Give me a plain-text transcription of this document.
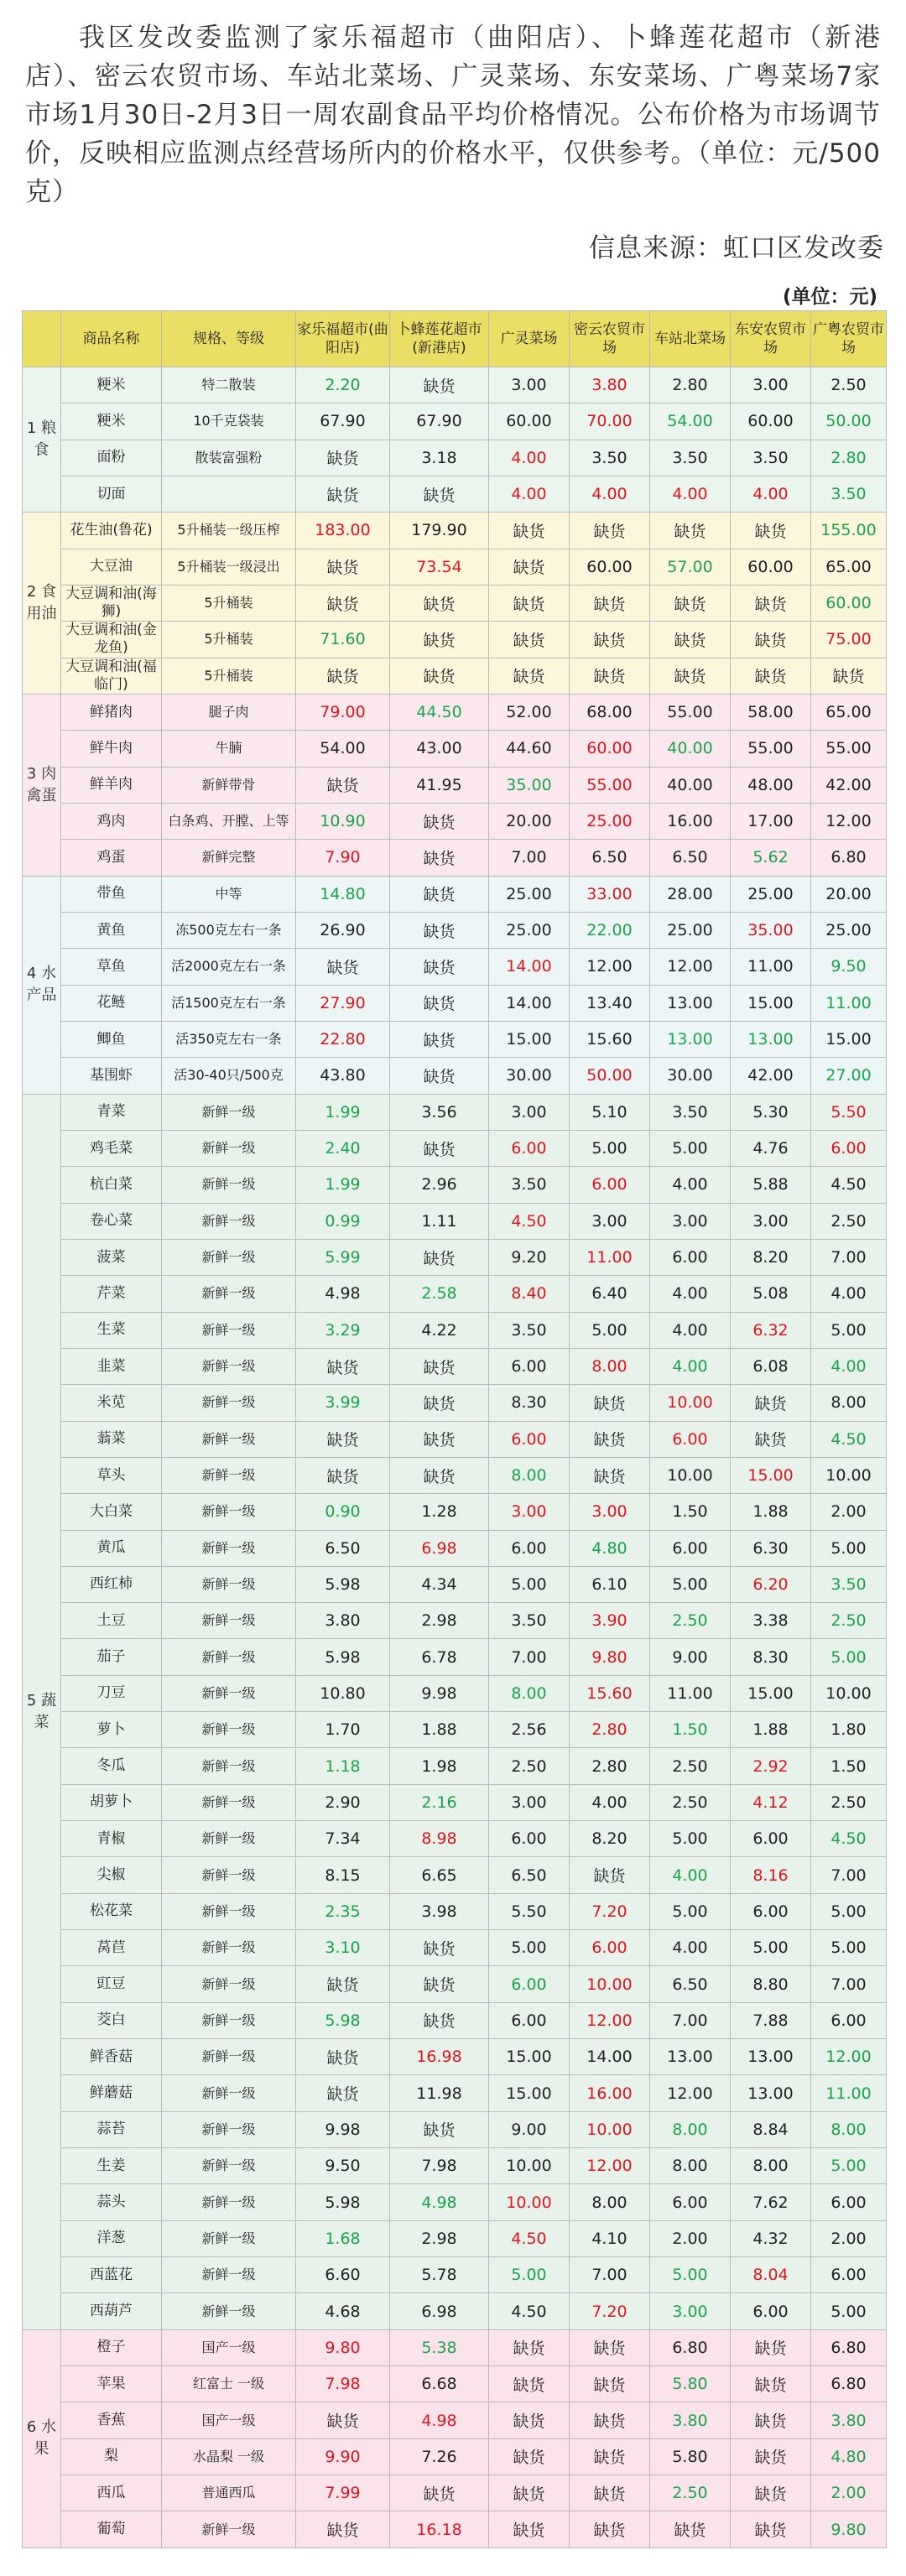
我区发改委监测了家乐福超市（曲阳店）、卜蜂莲花超市（新港店）、密云农贸市场、车站北菜场、广灵菜场、东安菜场、广粤菜场7家市场1月30日-2月3日一周农副食品平均价格情况。公布价格为市场调节价，反映相应监测点经营场所内的价格水平，仅供参考。（单位：元/500克）
信息来源：虹口区发改委
(单位：元)
	商品名称	规格、等级	家乐福超市(曲阳店)	卜蜂莲花超市(新港店)	广灵菜场	密云农贸市场	车站北菜场	东安农贸市场	广粤农贸市场
1 粮食	粳米	特二散装	2.20	缺货	3.00	3.80	2.80	3.00	2.50
	粳米	10千克袋装	67.90	67.90	60.00	70.00	54.00	60.00	50.00
	面粉	散装富强粉	缺货	3.18	4.00	3.50	3.50	3.50	2.80
	切面		缺货	缺货	4.00	4.00	4.00	4.00	3.50
2 食用油	花生油(鲁花)	5升桶装一级压榨	183.00	179.90	缺货	缺货	缺货	缺货	155.00
	大豆油	5升桶装一级浸出	缺货	73.54	缺货	60.00	57.00	60.00	65.00
	大豆调和油(海狮)	5升桶装	缺货	缺货	缺货	缺货	缺货	缺货	60.00
	大豆调和油(金龙鱼)	5升桶装	71.60	缺货	缺货	缺货	缺货	缺货	75.00
	大豆调和油(福临门)	5升桶装	缺货	缺货	缺货	缺货	缺货	缺货	缺货
3 肉禽蛋	鲜猪肉	腿子肉	79.00	44.50	52.00	68.00	55.00	58.00	65.00
	鲜牛肉	牛腩	54.00	43.00	44.60	60.00	40.00	55.00	55.00
	鲜羊肉	新鲜带骨	缺货	41.95	35.00	55.00	40.00	48.00	42.00
	鸡肉	白条鸡、开膛、上等	10.90	缺货	20.00	25.00	16.00	17.00	12.00
	鸡蛋	新鲜完整	7.90	缺货	7.00	6.50	6.50	5.62	6.80
4 水产品	带鱼	中等	14.80	缺货	25.00	33.00	28.00	25.00	20.00
	黄鱼	冻500克左右一条	26.90	缺货	25.00	22.00	25.00	35.00	25.00
	草鱼	活2000克左右一条	缺货	缺货	14.00	12.00	12.00	11.00	9.50
	花鲢	活1500克左右一条	27.90	缺货	14.00	13.40	13.00	15.00	11.00
	鲫鱼	活350克左右一条	22.80	缺货	15.00	15.60	13.00	13.00	15.00
	基围虾	活30-40只/500克	43.80	缺货	30.00	50.00	30.00	42.00	27.00
5 蔬菜	青菜	新鲜一级	1.99	3.56	3.00	5.10	3.50	5.30	5.50
	鸡毛菜	新鲜一级	2.40	缺货	6.00	5.00	5.00	4.76	6.00
	杭白菜	新鲜一级	1.99	2.96	3.50	6.00	4.00	5.88	4.50
	卷心菜	新鲜一级	0.99	1.11	4.50	3.00	3.00	3.00	2.50
	菠菜	新鲜一级	5.99	缺货	9.20	11.00	6.00	8.20	7.00
	芹菜	新鲜一级	4.98	2.58	8.40	6.40	4.00	5.08	4.00
	生菜	新鲜一级	3.29	4.22	3.50	5.00	4.00	6.32	5.00
	韭菜	新鲜一级	缺货	缺货	6.00	8.00	4.00	6.08	4.00
	米苋	新鲜一级	3.99	缺货	8.30	缺货	10.00	缺货	8.00
	蓊菜	新鲜一级	缺货	缺货	6.00	缺货	6.00	缺货	4.50
	草头	新鲜一级	缺货	缺货	8.00	缺货	10.00	15.00	10.00
	大白菜	新鲜一级	0.90	1.28	3.00	3.00	1.50	1.88	2.00
	黄瓜	新鲜一级	6.50	6.98	6.00	4.80	6.00	6.30	5.00
	西红柿	新鲜一级	5.98	4.34	5.00	6.10	5.00	6.20	3.50
	土豆	新鲜一级	3.80	2.98	3.50	3.90	2.50	3.38	2.50
	茄子	新鲜一级	5.98	6.78	7.00	9.80	9.00	8.30	5.00
	刀豆	新鲜一级	10.80	9.98	8.00	15.60	11.00	15.00	10.00
	萝卜	新鲜一级	1.70	1.88	2.56	2.80	1.50	1.88	1.80
	冬瓜	新鲜一级	1.18	1.98	2.50	2.80	2.50	2.92	1.50
	胡萝卜	新鲜一级	2.90	2.16	3.00	4.00	2.50	4.12	2.50
	青椒	新鲜一级	7.34	8.98	6.00	8.20	5.00	6.00	4.50
	尖椒	新鲜一级	8.15	6.65	6.50	缺货	4.00	8.16	7.00
	松花菜	新鲜一级	2.35	3.98	5.50	7.20	5.00	6.00	5.00
	莴苣	新鲜一级	3.10	缺货	5.00	6.00	4.00	5.00	5.00
	豇豆	新鲜一级	缺货	缺货	6.00	10.00	6.50	8.80	7.00
	茭白	新鲜一级	5.98	缺货	6.00	12.00	7.00	7.88	6.00
	鲜香菇	新鲜一级	缺货	16.98	15.00	14.00	13.00	13.00	12.00
	鲜蘑菇	新鲜一级	缺货	11.98	15.00	16.00	12.00	13.00	11.00
	蒜苔	新鲜一级	9.98	缺货	9.00	10.00	8.00	8.84	8.00
	生姜	新鲜一级	9.50	7.98	10.00	12.00	8.00	8.00	5.00
	蒜头	新鲜一级	5.98	4.98	10.00	8.00	6.00	7.62	6.00
	洋葱	新鲜一级	1.68	2.98	4.50	4.10	2.00	4.32	2.00
	西蓝花	新鲜一级	6.60	5.78	5.00	7.00	5.00	8.04	6.00
	西葫芦	新鲜一级	4.68	6.98	4.50	7.20	3.00	6.00	5.00
6 水果	橙子	国产一级	9.80	5.38	缺货	缺货	6.80	缺货	6.80
	苹果	红富士 一级	7.98	6.68	缺货	缺货	5.80	缺货	6.80
	香蕉	国产一级	缺货	4.98	缺货	缺货	3.80	缺货	3.80
	梨	水晶梨 一级	9.90	7.26	缺货	缺货	5.80	缺货	4.80
	西瓜	普通西瓜	7.99	缺货	缺货	缺货	2.50	缺货	2.00
	葡萄	新鲜一级	缺货	16.18	缺货	缺货	缺货	缺货	9.80
